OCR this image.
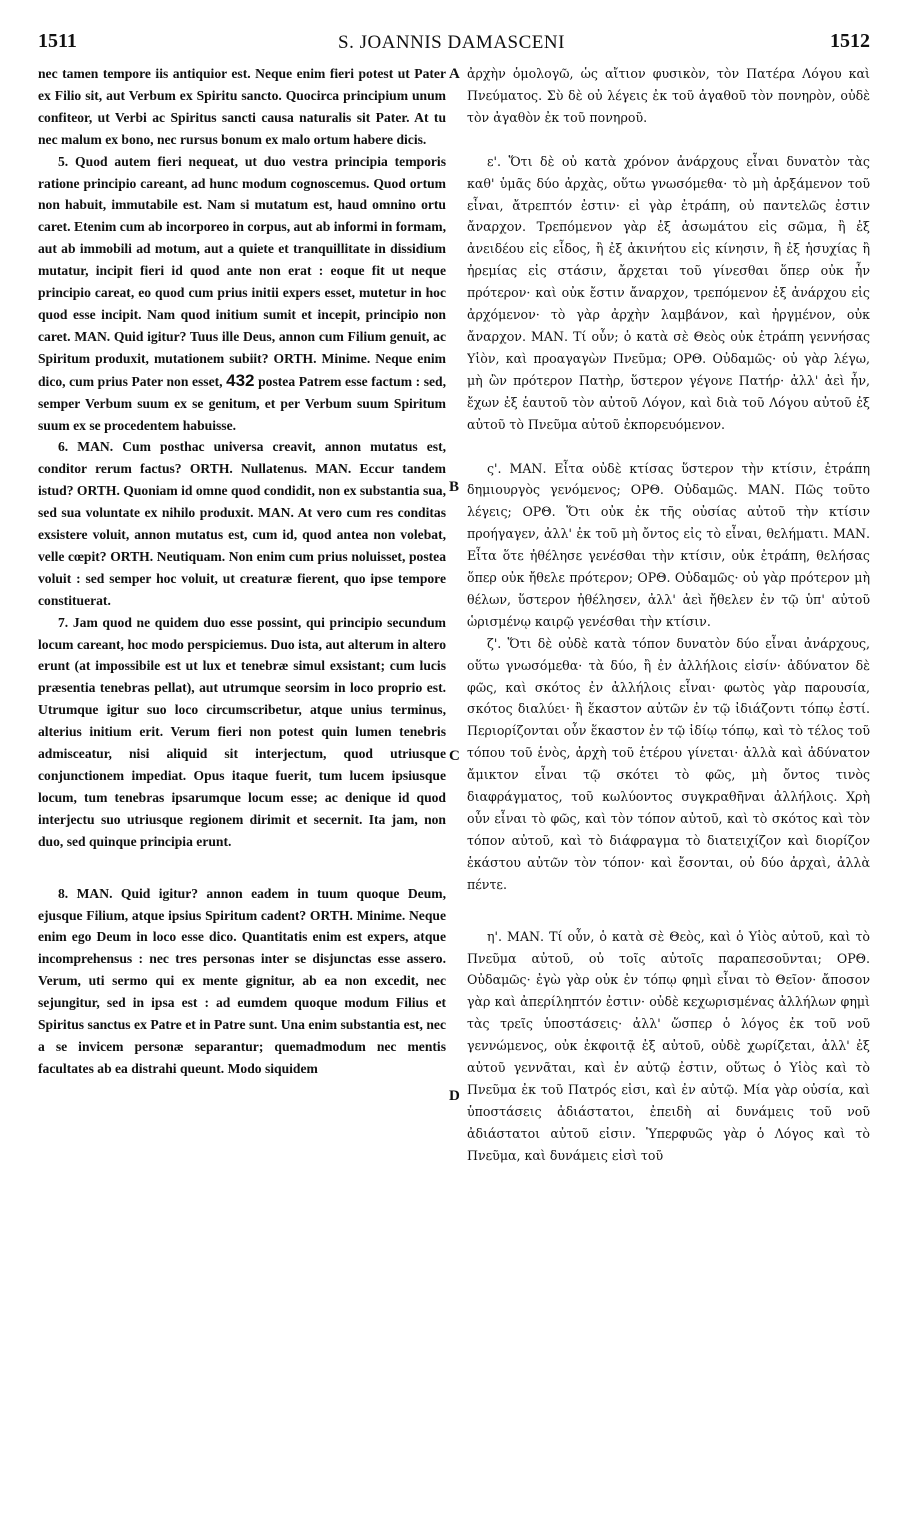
1511	S. JOANNIS DAMASCENI	1512
A
B
C
D

nec tamen tempore iis antiquior est. Neque enim fieri potest ut Pater ex Filio sit, aut Verbum ex Spiritu sancto. Quocirca principium unum confiteor, ut Verbi ac Spiritus sancti causa naturalis sit Pater. At tu nec malum ex bono, nec rursus bonum ex malo ortum habere dicis.

5. Quod autem fieri nequeat, ut duo vestra principia temporis ratione principio careant, ad hunc modum cognoscemus. Quod ortum non habuit, immutabile est. Nam si mutatum est, haud omnino ortu caret. Etenim cum ab incorporeo in corpus, aut ab informi in formam, aut ab immobili ad motum, aut a quiete et tranquillitate in dissidium mutatur, incipit fieri id quod ante non erat : eoque fit ut neque principio careat, eo quod cum prius initii expers esset, mutetur in hoc quod esse incipit. Nam quod initium sumit et incepit, principio non caret. MAN. Quid igitur? Tuus ille Deus, annon cum Filium genuit, ac Spiritum produxit, mutationem subiit? ORTH. Minime. Neque enim dico, cum prius Pater non esset, 432 postea Patrem esse factum : sed, semper Verbum suum ex se genitum, et per Verbum suum Spiritum suum ex se procedentem habuisse.

6. MAN. Cum posthac universa creavit, annon mutatus est, conditor rerum factus? ORTH. Nullatenus. MAN. Eccur tandem istud? ORTH. Quoniam id omne quod condidit, non ex substantia sua, sed sua voluntate ex nihilo produxit. MAN. At vero cum res conditas exsistere voluit, annon mutatus est, cum id, quod antea non volebat, velle cœpit? ORTH. Neutiquam. Non enim cum prius noluisset, postea voluit : sed semper hoc voluit, ut creaturæ fierent, quo ipse tempore constituerat.

7. Jam quod ne quidem duo esse possint, qui principio secundum locum careant, hoc modo perspiciemus. Duo ista, aut alterum in altero erunt (at impossibile est ut lux et tenebræ simul exsistant; cum lucis præsentia tenebras pellat), aut utrumque seorsim in loco proprio est. Utrumque igitur suo loco circumscribetur, atque unius terminus, alterius initium erit. Verum fieri non potest quin lumen tenebris admisceatur, nisi aliquid sit interjectum, quod utriusque conjunctionem impediat. Opus itaque fuerit, tum lucem ipsiusque locum, tum tenebras ipsarumque locum esse; ac denique id quod interjectu suo utriusque regionem dirimit et secernit. Ita jam, non duo, sed quinque principia erunt.

8. MAN. Quid igitur? annon eadem in tuum quoque Deum, ejusque Filium, atque ipsius Spiritum cadent? ORTH. Minime. Neque enim ego Deum in loco esse dico. Quantitatis enim est expers, atque incomprehensus : nec tres personas inter se disjunctas esse assero. Verum, uti sermo qui ex mente gignitur, ab ea non excedit, nec sejungitur, sed in ipsa est : ad eumdem quoque modum Filius et Spiritus sanctus ex Patre et in Patre sunt. Una enim substantia est, nec a se invicem personæ separantur; quemadmodum nec mentis facultates ab ea distrahi queunt. Modo siquidem

ἀρχὴν ὁμολογῶ, ὡς αἴτιον φυσικὸν, τὸν Πατέρα Λόγου καὶ Πνεύματος. Σὺ δὲ οὐ λέγεις ἐκ τοῦ ἀγαθοῦ τὸν πονηρὸν, οὐδὲ τὸν ἀγαθὸν ἐκ τοῦ πονηροῦ.

ε'. Ὅτι δὲ οὐ κατὰ χρόνον ἀνάρχους εἶναι δυνατὸν τὰς καθ' ὑμᾶς δύο ἀρχὰς, οὕτω γνωσόμεθα· τὸ μὴ ἀρξάμενον τοῦ εἶναι, ἄτρεπτόν ἐστιν· εἰ γὰρ ἐτράπη, οὐ παντελῶς ἐστιν ἄναρχον. Τρεπόμενον γὰρ ἐξ ἀσωμάτου εἰς σῶμα, ἢ ἐξ ἀνειδέου εἰς εἶδος, ἢ ἐξ ἀκινήτου εἰς κίνησιν, ἢ ἐξ ἡσυχίας ἢ ἠρεμίας εἰς στάσιν, ἄρχεται τοῦ γίνεσθαι ὅπερ οὐκ ἦν πρότερον· καὶ οὐκ ἔστιν ἄναρχον, τρεπόμενον ἐξ ἀνάρχου εἰς ἀρχόμενον· τὸ γὰρ ἀρχὴν λαμβάνον, καὶ ἠργμένον, οὐκ ἄναρχον. ΜΑΝ. Τί οὖν; ὁ κατὰ σὲ Θεὸς οὐκ ἐτράπη γεννήσας Υἱὸν, καὶ προαγαγὼν Πνεῦμα; ΟΡΘ. Οὐδαμῶς· οὐ γὰρ λέγω, μὴ ὢν πρότερον Πατὴρ, ὕστερον γέγονε Πατήρ· ἀλλ' ἀεὶ ἦν, ἔχων ἐξ ἑαυτοῦ τὸν αὐτοῦ Λόγον, καὶ διὰ τοῦ Λόγου αὐτοῦ ἐξ αὐτοῦ τὸ Πνεῦμα αὐτοῦ ἐκπορευόμενον.

ς'. ΜΑΝ. Εἶτα οὐδὲ κτίσας ὕστερον τὴν κτίσιν, ἐτράπη δημιουργὸς γενόμενος; ΟΡΘ. Οὐδαμῶς. ΜΑΝ. Πῶς τοῦτο λέγεις; ΟΡΘ. Ὅτι οὐκ ἐκ τῆς οὐσίας αὐτοῦ τὴν κτίσιν προήγαγεν, ἀλλ' ἐκ τοῦ μὴ ὄντος εἰς τὸ εἶναι, θελήματι. ΜΑΝ. Εἶτα ὅτε ἠθέλησε γενέσθαι τὴν κτίσιν, οὐκ ἐτράπη, θελήσας ὅπερ οὐκ ἤθελε πρότερον; ΟΡΘ. Οὐδαμῶς· οὐ γὰρ πρότερον μὴ θέλων, ὕστερον ἠθέλησεν, ἀλλ' ἀεὶ ἤθελεν ἐν τῷ ὑπ' αὐτοῦ ὡρισμένῳ καιρῷ γενέσθαι τὴν κτίσιν.

ζ'. Ὅτι δὲ οὐδὲ κατὰ τόπον δυνατὸν δύο εἶναι ἀνάρχους, οὕτω γνωσόμεθα· τὰ δύο, ἢ ἐν ἀλλήλοις εἰσίν· ἀδύνατον δὲ φῶς, καὶ σκότος ἐν ἀλλήλοις εἶναι· φωτὸς γὰρ παρουσία, σκότος διαλύει· ἢ ἕκαστον αὐτῶν ἐν τῷ ἰδιάζοντι τόπῳ ἐστί. Περιορίζονται οὖν ἕκαστον ἐν τῷ ἰδίῳ τόπῳ, καὶ τὸ τέλος τοῦ τόπου τοῦ ἑνὸς, ἀρχὴ τοῦ ἑτέρου γίνεται· ἀλλὰ καὶ ἀδύνατον ἄμικτον εἶναι τῷ σκότει τὸ φῶς, μὴ ὄντος τινὸς διαφράγματος, τοῦ κωλύοντος συγκραθῆναι ἀλλήλοις. Χρὴ οὖν εἶναι τὸ φῶς, καὶ τὸν τόπον αὐτοῦ, καὶ τὸ σκότος καὶ τὸν τόπον αὐτοῦ, καὶ τὸ διάφραγμα τὸ διατειχίζον καὶ διορίζον ἑκάστου αὐτῶν τὸν τόπον· καὶ ἔσονται, οὐ δύο ἀρχαὶ, ἀλλὰ πέντε.

η'. ΜΑΝ. Τί οὖν, ὁ κατὰ σὲ Θεὸς, καὶ ὁ Υἱὸς αὐτοῦ, καὶ τὸ Πνεῦμα αὐτοῦ, οὐ τοῖς αὐτοῖς παραπεσοῦνται; ΟΡΘ. Οὐδαμῶς· ἐγὼ γὰρ οὐκ ἐν τόπῳ φημὶ εἶναι τὸ Θεῖον· ἄποσον γὰρ καὶ ἀπερίληπτόν ἐστιν· οὐδὲ κεχωρισμένας ἀλλήλων φημὶ τὰς τρεῖς ὑποστάσεις· ἀλλ' ὥσπερ ὁ λόγος ἐκ τοῦ νοῦ γεννώμενος, οὐκ ἐκφοιτᾷ ἐξ αὐτοῦ, οὐδὲ χωρίζεται, ἀλλ' ἐξ αὐτοῦ γεννᾶται, καὶ ἐν αὐτῷ ἐστιν, οὕτως ὁ Υἱὸς καὶ τὸ Πνεῦμα ἐκ τοῦ Πατρός εἰσι, καὶ ἐν αὐτῷ. Μία γὰρ οὐσία, καὶ ὑποστάσεις ἀδιάστατοι, ἐπειδὴ αἱ δυνάμεις τοῦ νοῦ ἀδιάστατοι αὐτοῦ εἰσιν. Ὑπερφυῶς γὰρ ὁ Λόγος καὶ τὸ Πνεῦμα, καὶ δυνάμεις εἰσὶ τοῦ
